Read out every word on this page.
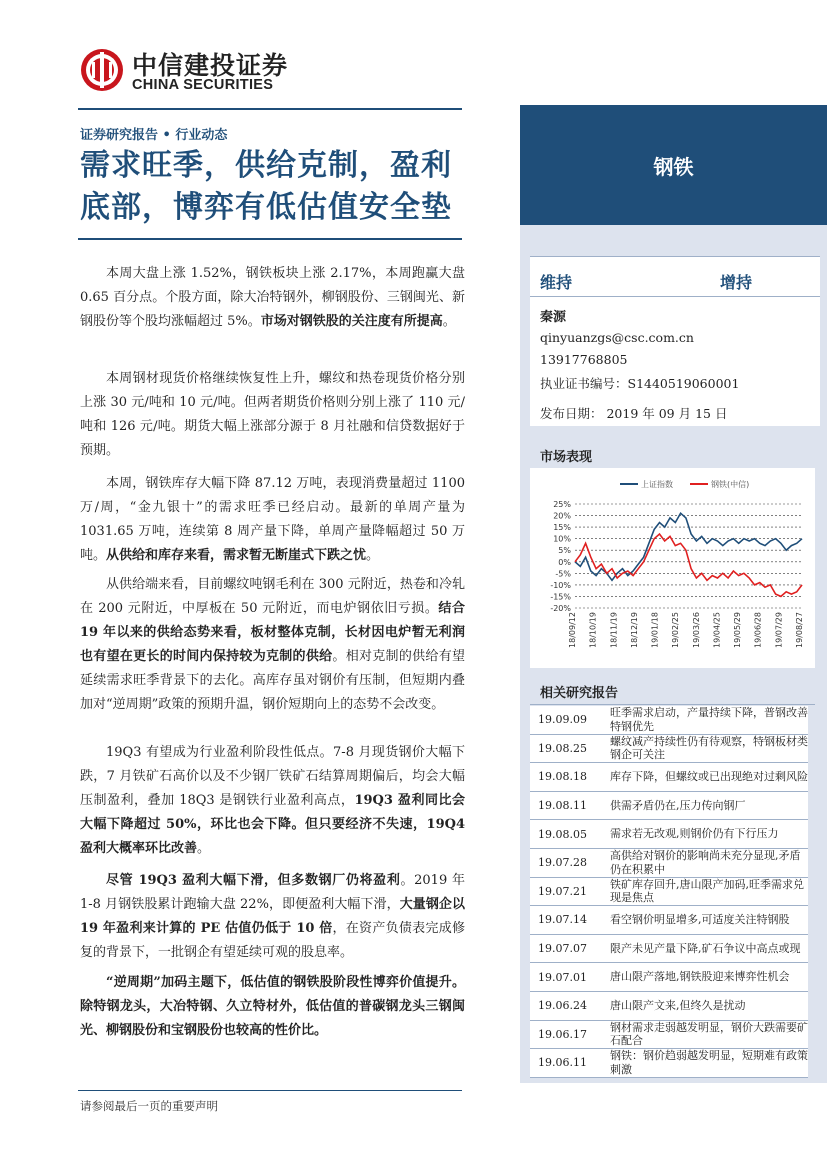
中信建投证券
CHINA SECURITIES
证券研究报告 • 行业动态
需求旺季，供给克制，盈利
底部，博弈有低估值安全垫
本周大盘上涨 1.52%，钢铁板块上涨 2.17%，本周跑赢大盘 0.65 百分点。个股方面，除大冶特钢外，柳钢股份、三钢闽光、新钢股份等个股均涨幅超过 5%。市场对钢铁股的关注度有所提高。
本周钢材现货价格继续恢复性上升，螺纹和热卷现货价格分别上涨 30 元/吨和 10 元/吨。但两者期货价格则分别上涨了 110 元/吨和 126 元/吨。期货大幅上涨部分源于 8 月社融和信贷数据好于预期。
本周，钢铁库存大幅下降 87.12 万吨，表现消费量超过 1100 万/周，“金九银十”的需求旺季已经启动。最新的单周产量为 1031.65 万吨，连续第 8 周产量下降，单周产量降幅超过 50 万吨。从供给和库存来看，需求暂无断崖式下跌之忧。
从供给端来看，目前螺纹吨钢毛利在 300 元附近，热卷和冷轧在 200 元附近，中厚板在 50 元附近，而电炉钢依旧亏损。结合 19 年以来的供给态势来看，板材整体克制，长材因电炉暂无利润也有望在更长的时间内保持较为克制的供给。相对克制的供给有望延续需求旺季背景下的去化。高库存虽对钢价有压制，但短期内叠加对“逆周期”政策的预期升温，钢价短期向上的态势不会改变。
19Q3 有望成为行业盈利阶段性低点。7-8 月现货钢价大幅下跌，7 月铁矿石高价以及不少钢厂铁矿石结算周期偏后，均会大幅压制盈利，叠加 18Q3 是钢铁行业盈利高点，19Q3 盈利同比会大幅下降超过 50%，环比也会下降。但只要经济不失速，19Q4 盈利大概率环比改善。
尽管 19Q3 盈利大幅下滑，但多数钢厂仍将盈利。2019 年 1-8 月钢铁股累计跑输大盘 22%，即便盈利大幅下滑，大量钢企以 19 年盈利来计算的 PE 估值仍低于 10 倍，在资产负债表完成修复的背景下，一批钢企有望延续可观的股息率。
“逆周期”加码主题下，低估值的钢铁股阶段性博弈价值提升。除特钢龙头，大冶特钢、久立特材外，低估值的普碳钢龙头三钢闽光、柳钢股份和宝钢股份也较高的性价比。
钢铁
维持	增持
秦源
qinyuanzgs@csc.com.cn
13917768805
执业证书编号：S1440519060001
发布日期： 2019 年 09 月 15 日
市场表现
上证指数	钢铁(中信)
25%
20%
15%
10%
5%
0%
-5%
-10%
-15%
-20%
18/09/12 18/10/19 18/11/19 18/12/19 19/01/18 19/02/25 19/03/26 19/04/25 19/05/29 19/06/28 19/07/29 19/08/27
相关研究报告
19.09.09
旺季需求启动，产量持续下降，普钢改善特钢优先
19.08.25
螺纹减产持续性仍有待观察，特钢板材类钢企可关注
19.08.18	库存下降，但螺纹或已出现绝对过剩风险
19.08.11	供需矛盾仍在,压力传向钢厂
19.08.05	需求若无改观,则钢价仍有下行压力
19.07.28
高供给对钢价的影响尚未充分显现,矛盾仍在积累中
19.07.21
铁矿库存回升,唐山限产加码,旺季需求兑现是焦点
19.07.14	看空钢价明显增多,可适度关注特钢股
19.07.07	限产未见产量下降,矿石争议中高点或现
19.07.01	唐山限产落地,钢铁股迎来博弈性机会
19.06.24	唐山限产文来,但终久是扰动
19.06.17
钢材需求走弱越发明显，钢价大跌需要矿石配合
19.06.11
钢铁：钢价趋弱越发明显，短期难有政策刺激
请参阅最后一页的重要声明
